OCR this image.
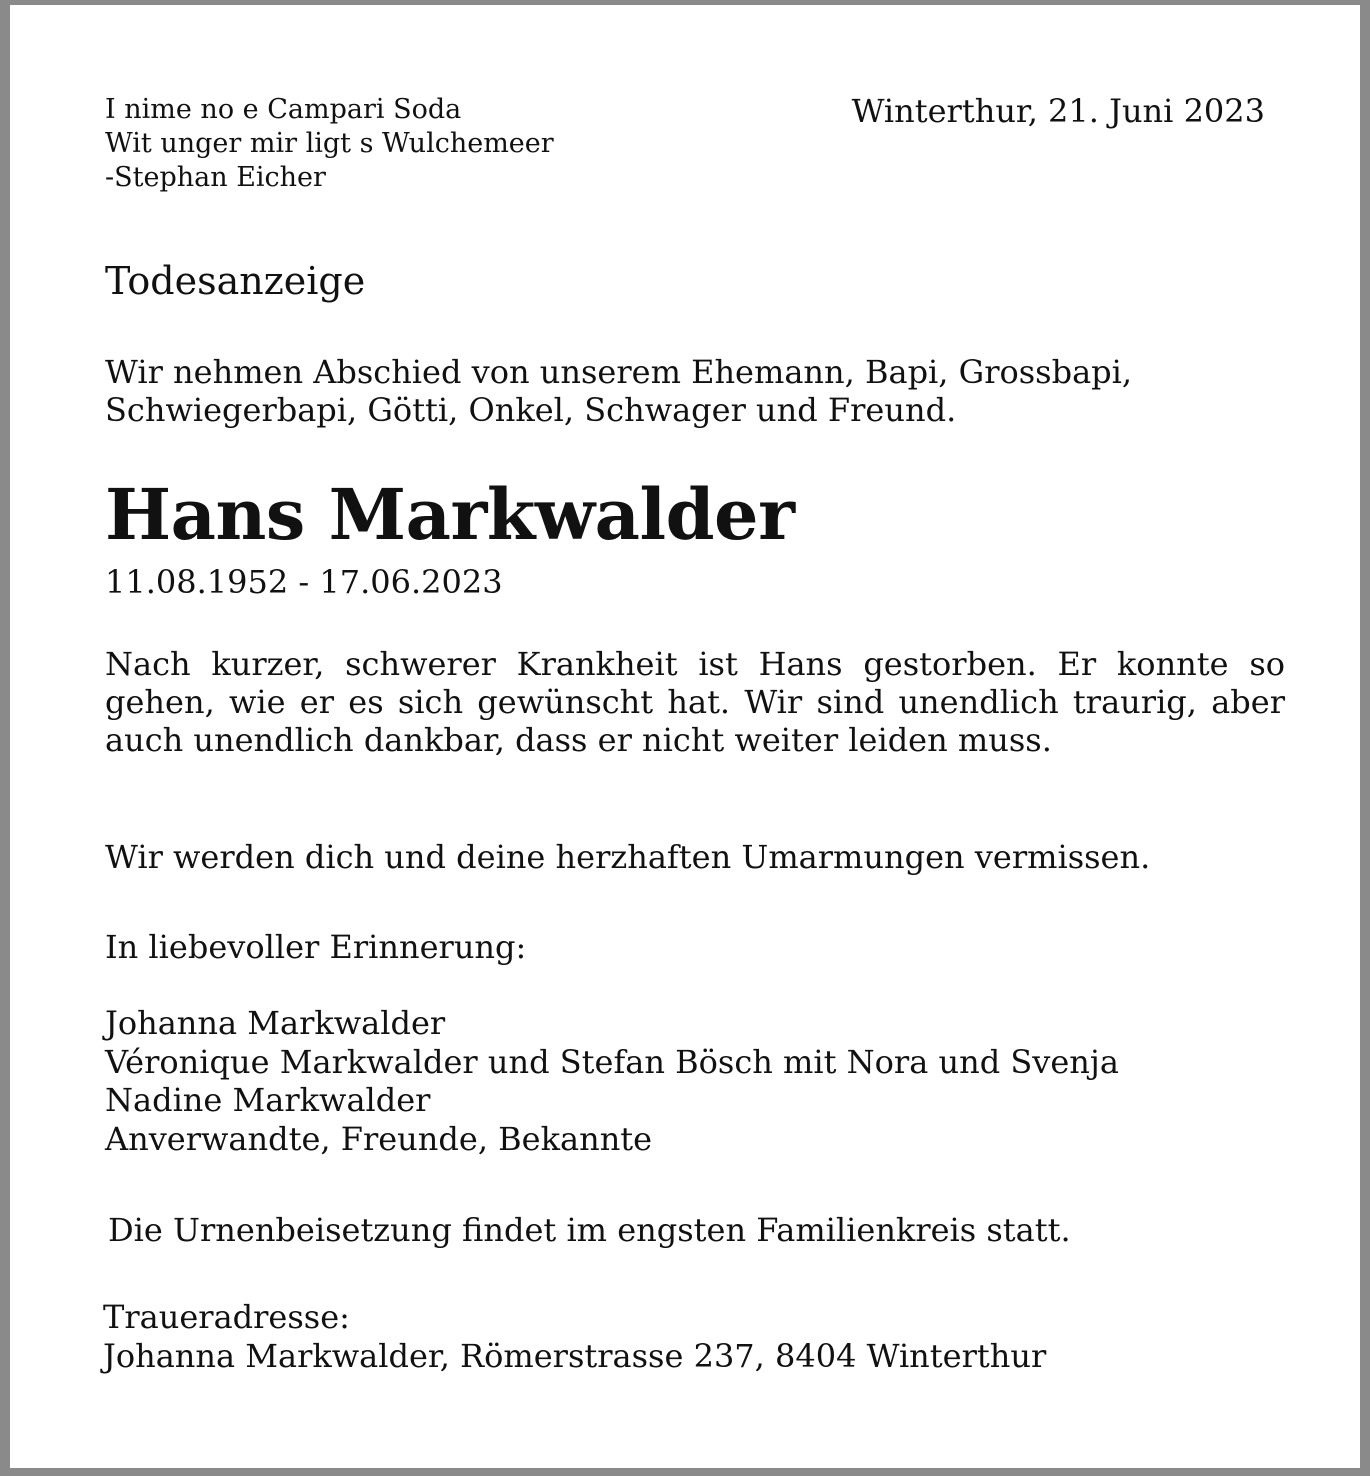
I nime no e Campari Soda
Wit unger mir ligt s Wulchemeer
-Stephan Eicher
Winterthur, 21. Juni 2023
Todesanzeige
Wir nehmen Abschied von unserem Ehemann, Bapi, Grossbapi,
Schwiegerbapi, Götti, Onkel, Schwager und Freund.
Hans Markwalder
11.08.1952 - 17.06.2023
Nach kurzer, schwerer Krankheit ist Hans gestorben. Er konnte so gehen, wie er es sich gewünscht hat. Wir sind unendlich traurig, aber auch unendlich dankbar, dass er nicht weiter leiden muss.
Wir werden dich und deine herzhaften Umarmungen vermissen.
In liebevoller Erinnerung:
Johanna Markwalder
Véronique Markwalder und Stefan Bösch mit Nora und Svenja
Nadine Markwalder
Anverwandte, Freunde, Bekannte
Die Urnenbeisetzung findet im engsten Familienkreis statt.
Traueradresse:
Johanna Markwalder, Römerstrasse 237, 8404 Winterthur
